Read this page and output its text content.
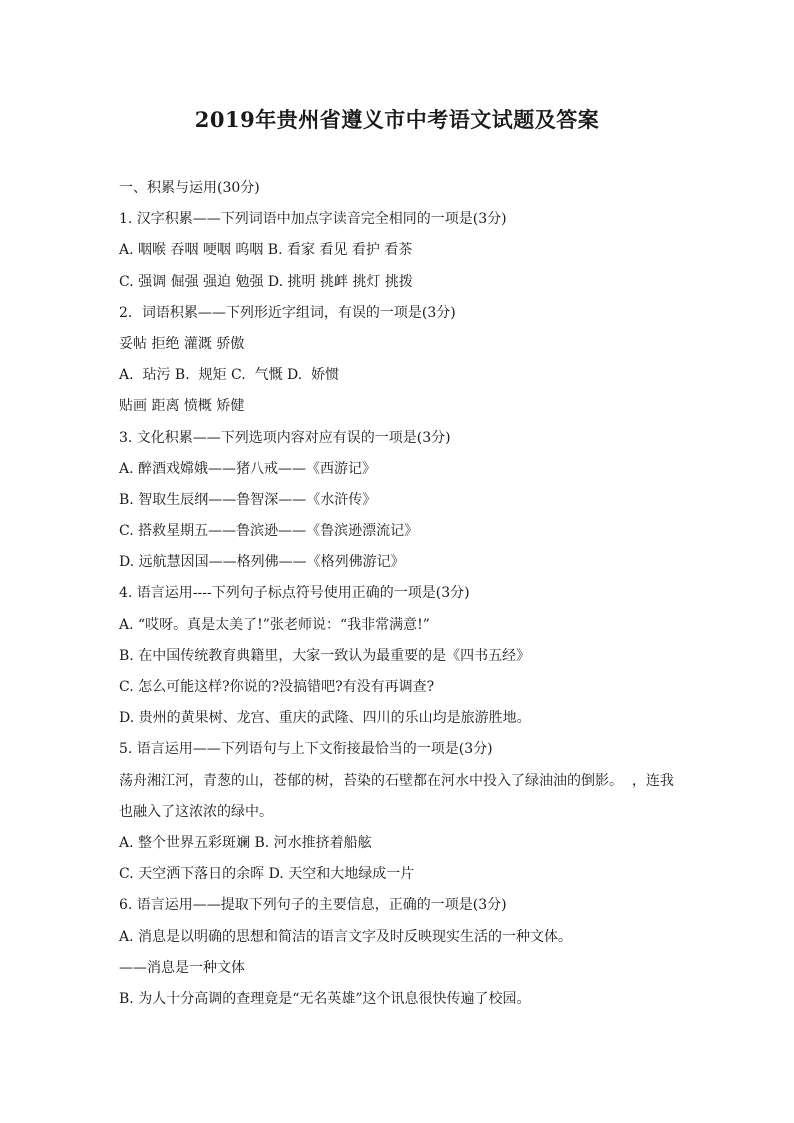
2019年贵州省遵义市中考语文试题及答案
一、积累与运用(30分)
1. 汉字积累——下列词语中加点字读音完全相同的一项是(3分)
A. 咽喉 吞咽 哽咽 呜咽 B. 看家 看见 看护 看茶
C. 强调 倔强 强迫 勉强 D. 挑明 挑衅 挑灯 挑拨
2．词语积累——下列形近字组词，有误的一项是(3分)
妥帖 拒绝 灌溉 骄傲
A.  玷污 B.  规矩 C.  气慨 D.  娇惯
贴画 距离 愤概 矫健
3. 文化积累——下列选项内容对应有误的一项是(3分)
A. 醉酒戏嫦娥——猪八戒——《西游记》
B. 智取生辰纲——鲁智深——《水浒传》
C. 搭救星期五——鲁滨逊——《鲁滨逊漂流记》
D. 远航慧因国——格列佛——《格列佛游记》
4. 语言运用----下列句子标点符号使用正确的一项是(3分)
A. “哎呀。真是太美了!”张老师说：“我非常满意!”
B. 在中国传统教育典籍里，大家一致认为最重要的是《四书五经》
C. 怎么可能这样?你说的?没搞错吧?有没有再调查?
D. 贵州的黄果树、龙宫、重庆的武隆、四川的乐山均是旅游胜地。
5. 语言运用——下列语句与上下文衔接最恰当的一项是(3分)
荡舟湘江河，青葱的山，苍郁的树，苔染的石壁都在河水中投入了绿油油的倒影。  ，连我
也融入了这浓浓的绿中。
A. 整个世界五彩斑斓 B. 河水推挤着船舷
C. 天空洒下落日的余晖 D. 天空和大地绿成一片
6. 语言运用——提取下列句子的主要信息，正确的一项是(3分)
A. 消息是以明确的思想和简洁的语言文字及时反映现实生活的一种文体。
——消息是一种文体
B. 为人十分高调的查理竟是“无名英雄”这个讯息很快传遍了校园。
